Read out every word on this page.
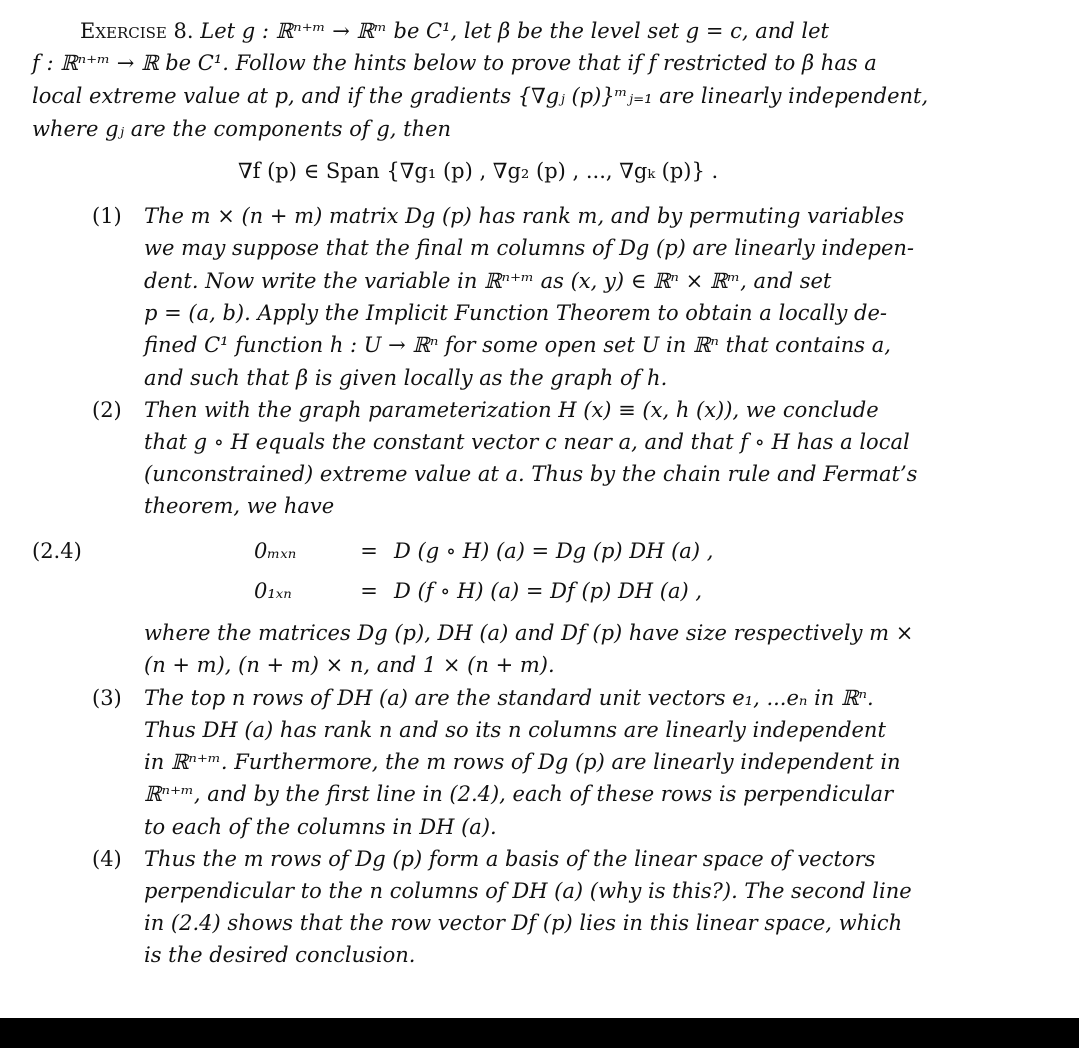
Exercise 8. Let g : ℝⁿ⁺ᵐ → ℝᵐ be C¹, let β be the level set g = c, and let
f : ℝⁿ⁺ᵐ → ℝ be C¹. Follow the hints below to prove that if f restricted to β has a
local extreme value at p, and if the gradients {∇gⱼ (p)}ᵐⱼ₌₁ are linearly independent,
where gⱼ are the components of g, then
∇f (p) ∈ Span {∇g₁ (p) , ∇g₂ (p) , ..., ∇gₖ (p)} .
(1) The m × (n + m) matrix Dg (p) has rank m, and by permuting variables
we may suppose that the final m columns of Dg (p) are linearly indepen-
dent. Now write the variable in ℝⁿ⁺ᵐ as (x, y) ∈ ℝⁿ × ℝᵐ, and set
p = (a, b). Apply the Implicit Function Theorem to obtain a locally de-
fined C¹ function h : U → ℝⁿ for some open set U in ℝⁿ that contains a,
and such that β is given locally as the graph of h.
(2) Then with the graph parameterization H (x) ≡ (x, h (x)), we conclude
that g ∘ H equals the constant vector c near a, and that f ∘ H has a local
(unconstrained) extreme value at a. Thus by the chain rule and Fermat’s
theorem, we have
(2.4)	0ₘₓₙ	= D (g ∘ H) (a) = Dg (p) DH (a) ,
0₁ₓₙ	= D (f ∘ H) (a) = Df (p) DH (a) ,
where the matrices Dg (p), DH (a) and Df (p) have size respectively m ×
(n + m), (n + m) × n, and 1 × (n + m).
(3) The top n rows of DH (a) are the standard unit vectors e₁, ...eₙ in ℝⁿ.
Thus DH (a) has rank n and so its n columns are linearly independent
in ℝⁿ⁺ᵐ. Furthermore, the m rows of Dg (p) are linearly independent in
ℝⁿ⁺ᵐ, and by the first line in (2.4), each of these rows is perpendicular
to each of the columns in DH (a).
(4) Thus the m rows of Dg (p) form a basis of the linear space of vectors
perpendicular to the n columns of DH (a) (why is this?). The second line
in (2.4) shows that the row vector Df (p) lies in this linear space, which
is the desired conclusion.
